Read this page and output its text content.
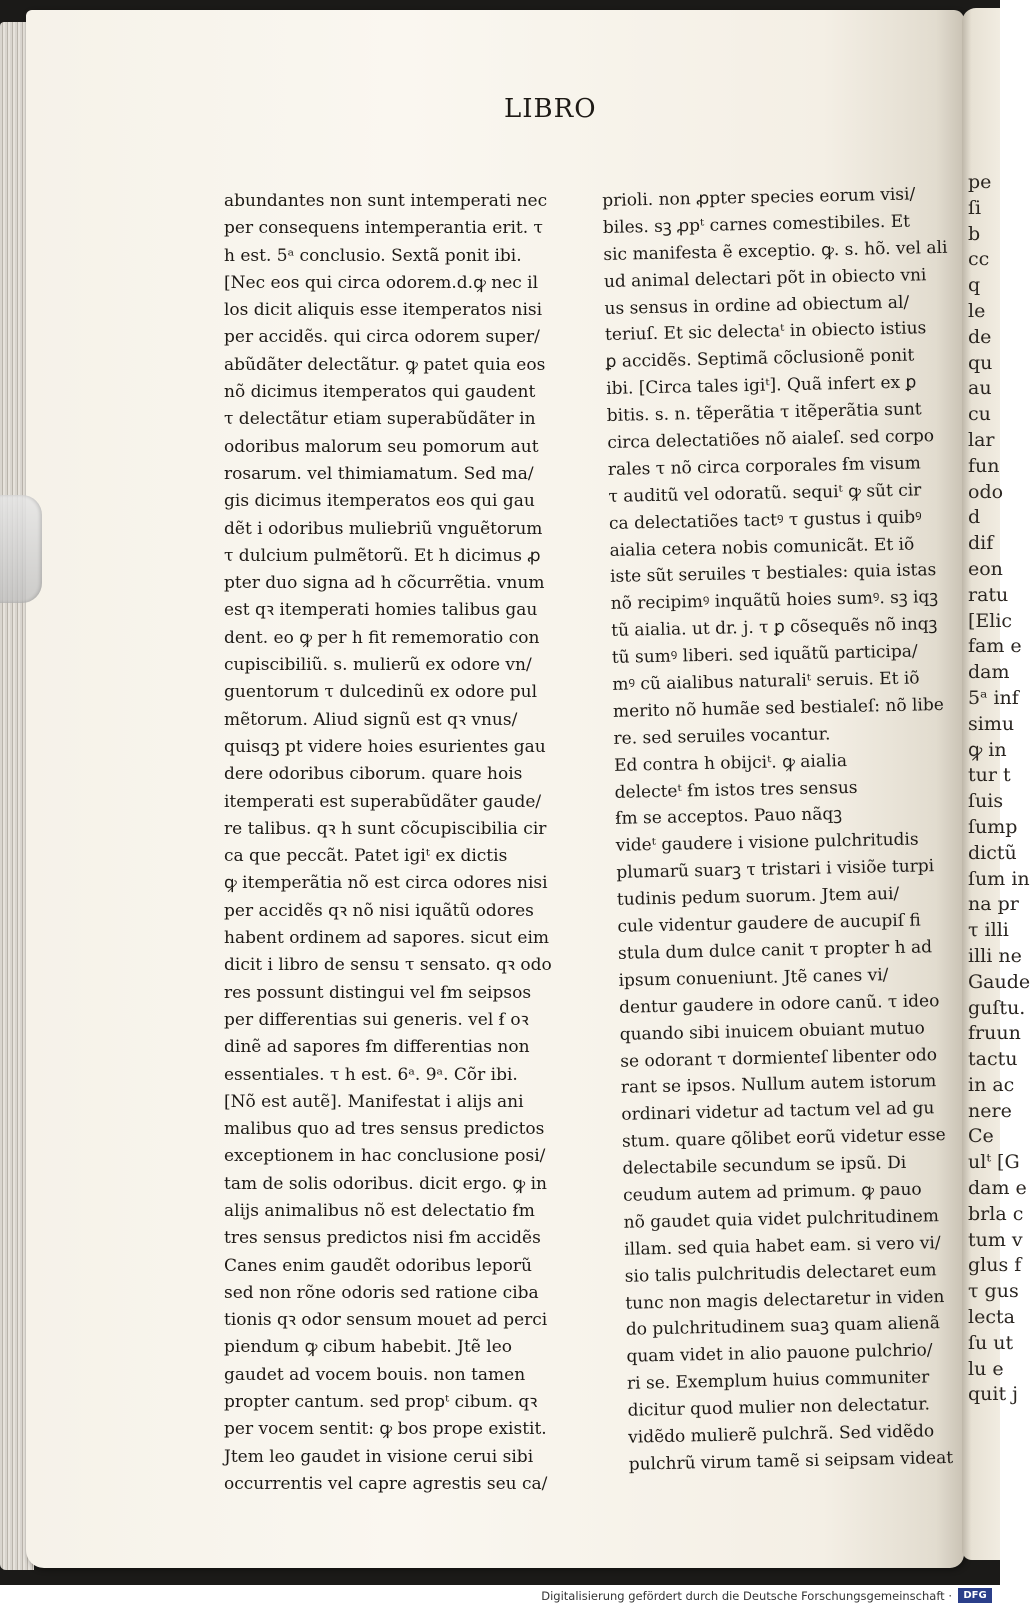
pe
ſi
b
cc
q
le
de
qu
au
cu
lar
fun
odo
d
dif
eon
ratu
[Elic
fam e
dam
5ᵃ inf
simu
ꝙ in
tur t
ſuis
ſump
dictũ
ſum in
na pr
τ illi
illi ne
Gaude
guſtu.
fruun
tactu
in ac
nere
Ce
ulᵗ [G
dam e
brla c
tum v
glus f
τ gus
lecta
ſu ut
lu e
quit j
LIBRO
abundantes non sunt intemperati nec
per consequens intemperantia erit. τ
h est. 5ᵃ conclusio. Sextã ponit ibi.
[Nec eos qui circa odorem.d.ꝙ nec il
los dicit aliquis esse itemperatos nisi
per accidẽs. qui circa odorem super/
abũdãter delectãtur. ꝙ patet quia eos
nõ dicimus itemperatos qui gaudent
τ delectãtur etiam superabũdãter in
odoribus malorum seu pomorum aut
rosarum. vel thimiamatum. Sed ma/
gis dicimus itemperatos eos qui gau
dẽt i odoribus muliebriũ vnguẽtorum
τ dulcium pulmẽtorũ. Et h dicimus ꝓ
pter duo signa ad h cõcurrẽtia. vnum
est qꝛ itemperati homies talibus gau
dent. eo ꝙ per h fit rememoratio con
cupiscibiliũ. s. mulierũ ex odore vn/
guentorum τ dulcedinũ ex odore pul
mẽtorum. Aliud signũ est qꝛ vnus/
quisqꝫ pt videre hoies esurientes gau
dere odoribus ciborum. quare hois
itemperati est superabũdãter gaude/
re talibus. qꝛ h sunt cõcupiscibilia cir
ca que peccãt. Patet igiᵗ ex dictis
ꝙ itemperãtia nõ est circa odores nisi
per accidẽs qꝛ nõ nisi iquãtũ odores
habent ordinem ad sapores. sicut eim
dicit i libro de sensu τ sensato. qꝛ odo
res possunt distingui vel ẜm seipsos
per differentias sui generis. vel ẜ oꝛ
dinẽ ad sapores ẜm differentias non
essentiales. τ h est. 6ᵃ. 9ᵃ. Cõr ibi.
[Nõ est autẽ]. Manifestat i alijs ani
malibus quo ad tres sensus predictos
exceptionem in hac conclusione posi/
tam de solis odoribus. dicit ergo. ꝙ in
alijs animalibus nõ est delectatio ẜm
tres sensus predictos nisi ẜm accidẽs
Canes enim gaudẽt odoribus leporũ
sed non rõne odoris sed ratione ciba
tionis qꝛ odor sensum mouet ad perci
piendum ꝙ cibum habebit. Jtẽ leo
gaudet ad vocem bouis. non tamen
propter cantum. sed propᵗ cibum. qꝛ
per vocem sentit: ꝙ bos prope existit.
Jtem leo gaudet in visione cerui sibi
occurrentis vel capre agrestis seu ca/
prioli. non ꝓpter species eorum visi/
biles. sꝫ ꝓpᵗ carnes comestibiles. Et
sic manifesta ẽ exceptio. ꝙ. s. hõ. vel ali
ud animal delectari põt in obiecto vni
us sensus in ordine ad obiectum al/
teriuſ. Et sic delectaᵗ in obiecto istius
ꝑ accidẽs. Septimã cõclusionẽ ponit
ibi. [Circa tales igiᵗ]. Quã infert ex ꝑ
bitis. s. n. tẽperãtia τ itẽperãtia sunt
circa delectatiões nõ aialeſ. sed corpo
rales τ nõ circa corporales ẜm visum
τ auditũ vel odoratũ. sequiᵗ ꝙ sũt cir
ca delectatiões tactꝰ τ gustus i quibꝰ
aialia cetera nobis comunicãt. Et iõ
iste sũt seruiles τ bestiales: quia istas
nõ recipimꝰ inquãtũ hoies sumꝰ. sꝫ iqꝫ
tũ aialia. ut dr. j. τ ꝑ cõsequẽs nõ inqꝫ
tũ sumꝰ liberi. sed iquãtũ participa/
mꝰ cũ aialibus naturaliᵗ seruis. Et iõ
merito nõ humãe sed bestialeſ: nõ libe
re. sed seruiles vocantur.
Ed contra h obijciᵗ. ꝙ aialia
delecteᵗ ẜm istos tres sensus
ẜm se acceptos. Pauo nãqꝫ
videᵗ gaudere i visione pulchritudis
plumarũ suarꝫ τ tristari i visiõe turpi
tudinis pedum suorum. Jtem aui/
cule videntur gaudere de aucupiſ fi
stula dum dulce canit τ propter h ad
ipsum conueniunt. Jtẽ canes vi/
dentur gaudere in odore canũ. τ ideo
quando sibi inuicem obuiant mutuo
se odorant τ dormienteſ libenter odo
rant se ipsos. Nullum autem istorum
ordinari videtur ad tactum vel ad gu
stum. quare qõlibet eorũ videtur esse
delectabile secundum se ipsũ. Di
ceudum autem ad primum. ꝙ pauo
nõ gaudet quia videt pulchritudinem
illam. sed quia habet eam. si vero vi/
sio talis pulchritudis delectaret eum
tunc non magis delectaretur in viden
do pulchritudinem suaꝫ quam alienã
quam videt in alio pauone pulchrio/
ri se. Exemplum huius communiter
dicitur quod mulier non delectatur.
vidẽdo mulierẽ pulchrã. Sed vidẽdo
pulchrũ virum tamẽ si seipsam videat
Digitalisierung gefördert durch die Deutsche Forschungsgemeinschaft ·	DFG
